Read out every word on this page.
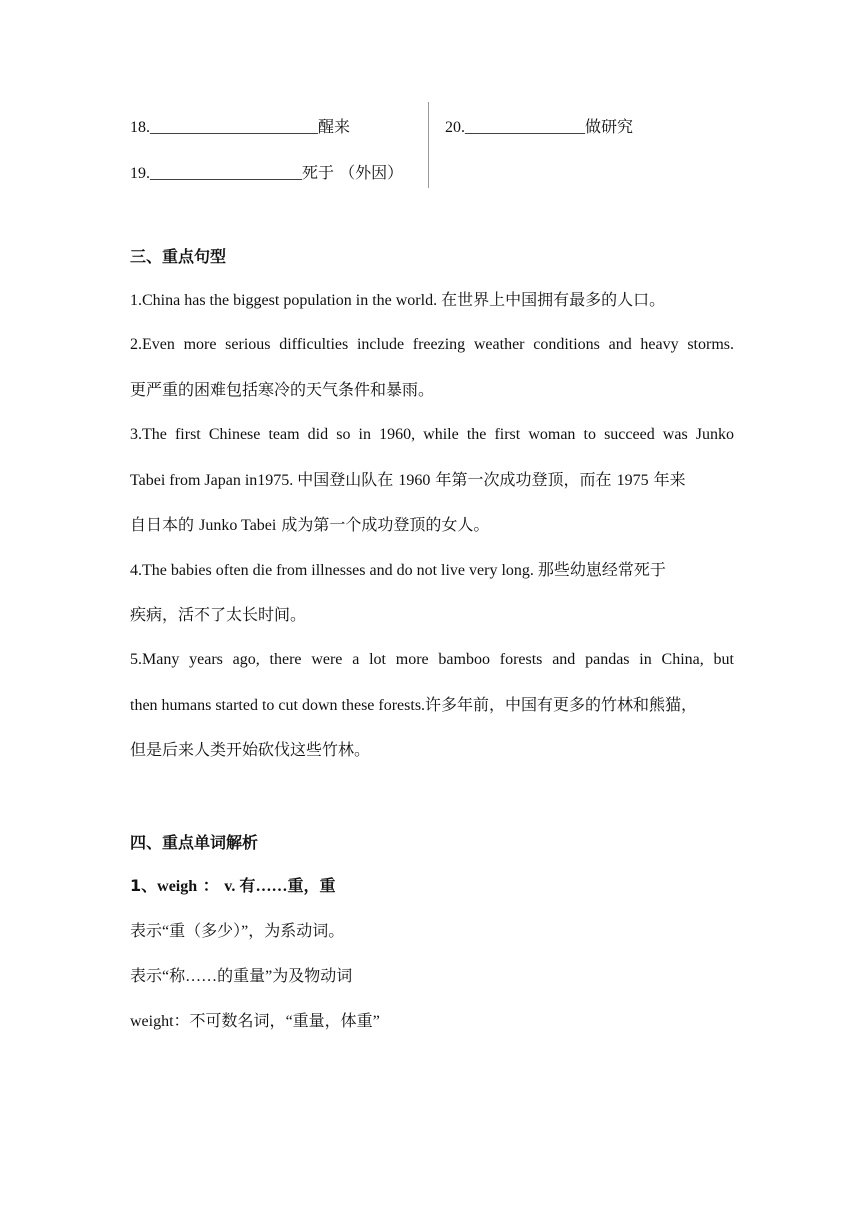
18._____________________醒来	20._______________做研究
19.___________________死于 （外因）
三、重点句型
1.China has the biggest population in the world. 在世界上中国拥有最多的人口。
2.Even more serious difficulties include freezing weather conditions and heavy storms.
更严重的困难包括寒冷的天气条件和暴雨。
3.The first Chinese team did so in 1960, while the first woman to succeed was Junko
Tabei from Japan in1975. 中国登山队在 1960 年第一次成功登顶，而在 1975 年来
自日本的 Junko Tabei 成为第一个成功登顶的女人。
4.The babies often die from illnesses and do not live very long. 那些幼崽经常死于
疾病，活不了太长时间。
5.Many years ago, there were a lot more bamboo forests and pandas in China, but
then humans started to cut down these forests.许多年前，中国有更多的竹林和熊猫，
但是后来人类开始砍伐这些竹林。
四、重点单词解析
1、weigh ： v. 有……重，重
表示“重（多少）”，为系动词。
表示“称……的重量”为及物动词
weight：不可数名词，“重量，体重”
